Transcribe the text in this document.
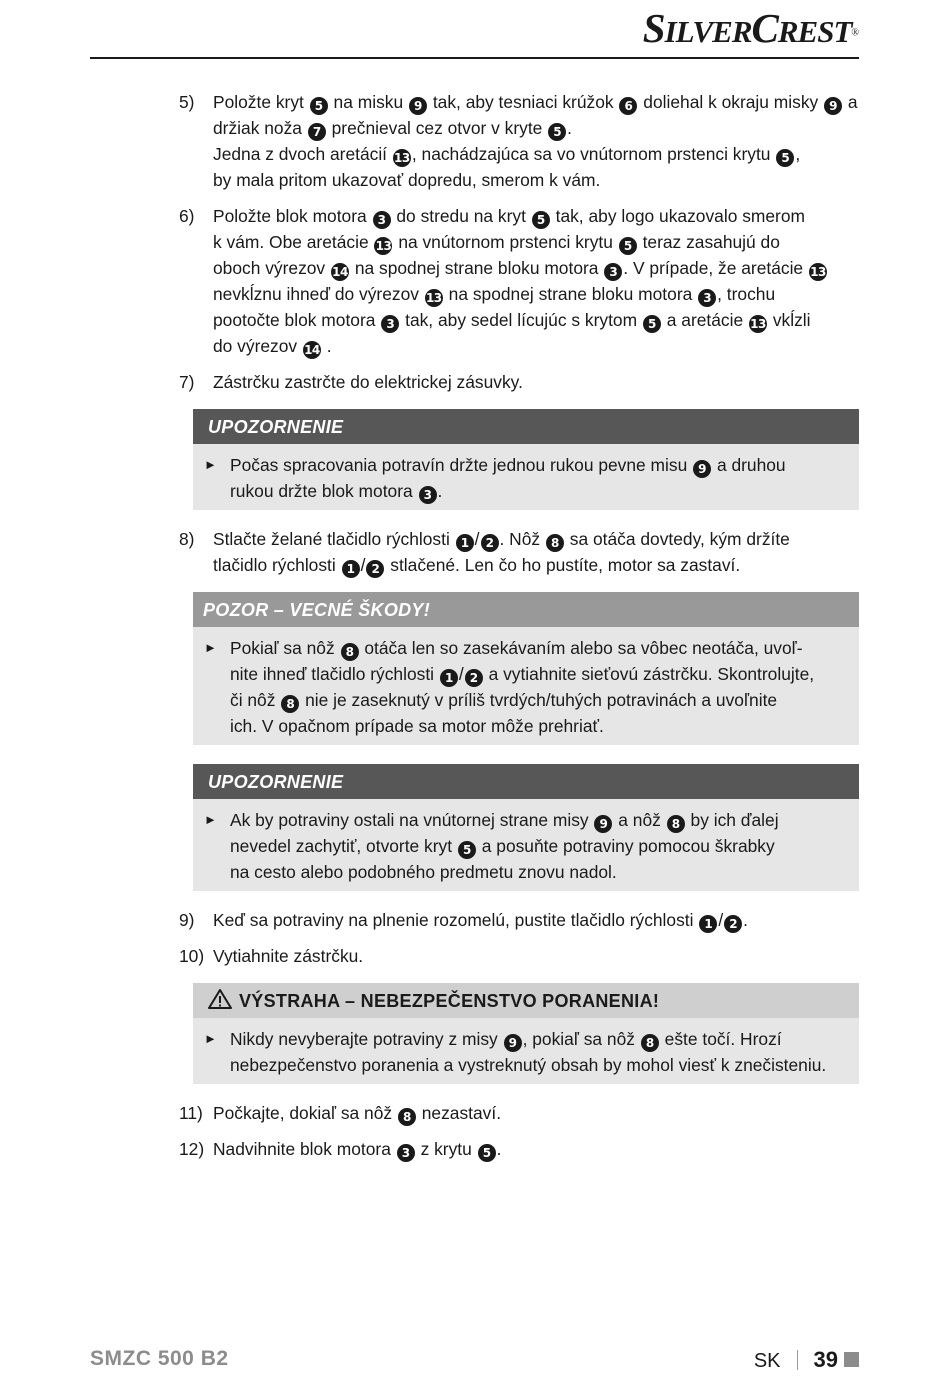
SILVERCREST®
5) Položte kryt 5 na misku 9 tak, aby tesniaci krúžok 6 doliehal k okraju misky 9 a
držiak noža 7 prečnieval cez otvor v kryte 5 .
Jedna z dvoch aretácií 13 , nachádzajúca sa vo vnútornom prstenci krytu 5 ,
by mala pritom ukazovať dopredu, smerom k vám.

6) Položte blok motora 3 do stredu na kryt 5 tak, aby logo ukazovalo smerom
k vám. Obe aretácie 13 na vnútornom prstenci krytu 5 teraz zasahujú do
oboch výrezov 14 na spodnej strane bloku motora 3 . V prípade, že aretácie 13
nevkĺznu ihneď do výrezov 13 na spodnej strane bloku motora 3 , trochu
pootočte blok motora 3 tak, aby sedel lícujúc s krytom 5 a aretácie 13 vkĺzli
do výrezov 14 .

7) Zástrčku zastrčte do elektrickej zásuvky.

UPOZORNENIE
► Počas spracovania potravín držte jednou rukou pevne misu 9 a druhou
rukou držte blok motora 3 .

8) Stlačte želané tlačidlo rýchlosti 1 / 2 . Nôž 8 sa otáča dovtedy, kým držíte
tlačidlo rýchlosti 1 / 2 stlačené. Len čo ho pustíte, motor sa zastaví.

POZOR – VECNÉ ŠKODY!
► Pokiaľ sa nôž 8 otáča len so zasekávaním alebo sa vôbec neotáča, uvoľ-
nite ihneď tlačidlo rýchlosti 1 / 2 a vytiahnite sieťovú zástrčku. Skontrolujte,
či nôž 8 nie je zaseknutý v príliš tvrdých/tuhých potravinách a uvoľnite
ich. V opačnom prípade sa motor môže prehriať.

UPOZORNENIE
► Ak by potraviny ostali na vnútornej strane misy 9 a nôž 8 by ich ďalej
nevedel zachytiť, otvorte kryt 5 a posuňte potraviny pomocou škrabky
na cesto alebo podobného predmetu znovu nadol.

9) Keď sa potraviny na plnenie rozomelú, pustite tlačidlo rýchlosti 1 / 2 .

10) Vytiahnite zástrčku.

VÝSTRAHA – NEBEZPEČENSTVO PORANENIA!
► Nikdy nevyberajte potraviny z misy 9 , pokiaľ sa nôž 8 ešte točí. Hrozí
nebezpečenstvo poranenia a vystreknutý obsah by mohol viesť k znečisteniu.

11) Počkajte, dokiaľ sa nôž 8 nezastaví.

12) Nadvihnite blok motora 3 z krytu 5 .

SMZC 500 B2	SK 39
